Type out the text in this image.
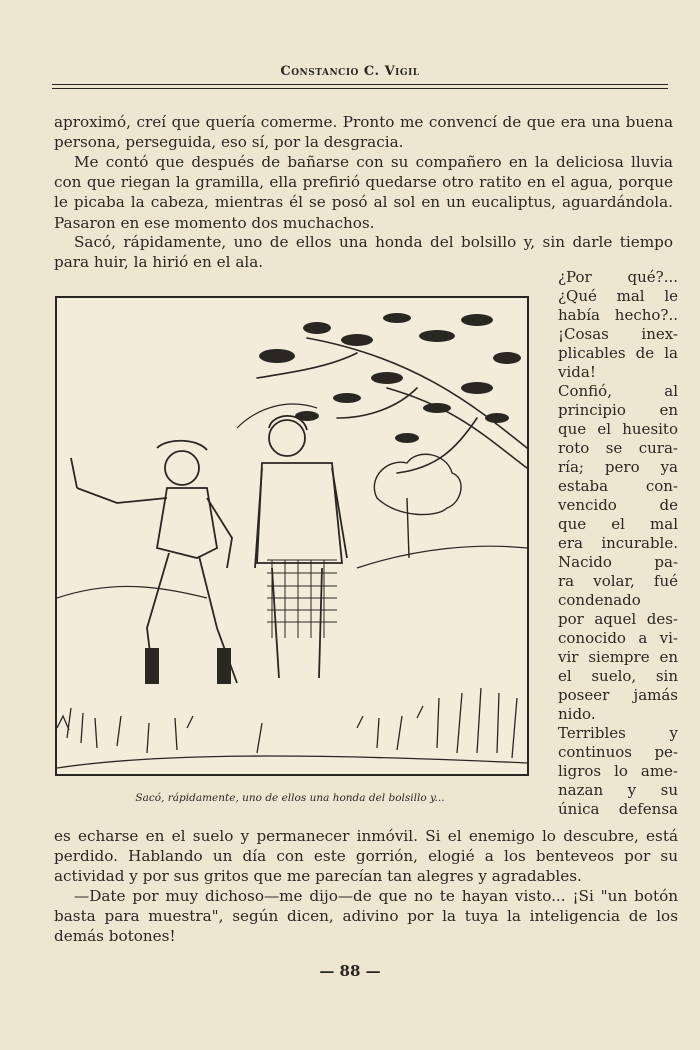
Constancio C. Vigil

aproximó, creí que quería comerme. Pronto me convencí de que era una buena persona, perseguida, eso sí, por la desgracia.

Me contó que después de bañarse con su compañero en la deliciosa lluvia con que riegan la gramilla, ella prefirió quedarse otro ratito en el agua, porque le picaba la cabeza, mientras él se posó al sol en un eucaliptus, aguardándola. Pasaron en ese momento dos muchachos.

Sacó, rápidamente, uno de ellos una honda del bolsillo y, sin darle tiempo para huir, la hirió en el ala.

Sacó, rápidamente, uno de ellos una honda del bolsillo y...

¿Por qué?...
¿Qué mal le
había hecho?..
¡Cosas inex-
plicables de la
vida!
Confió, al
principio en
que el huesito
roto se cura-
ría; pero ya
estaba con-
vencido de
que el mal
era incurable.
Nacido pa-
ra volar, fué
condenado
por aquel des-
conocido a vi-
vir siempre en
el suelo, sin
poseer jamás
nido.
Terribles y
continuos pe-
ligros lo ame-
nazan y su
única defensa

es echarse en el suelo y permanecer inmóvil. Si el enemigo lo descubre, está perdido. Hablando un día con este gorrión, elogié a los benteveos por su actividad y por sus gritos que me parecían tan alegres y agradables.

—Date por muy dichoso—me dijo—de que no te hayan visto... ¡Si "un botón basta para muestra", según dicen, adivino por la tuya la inteligencia de los demás botones!

— 88 —
